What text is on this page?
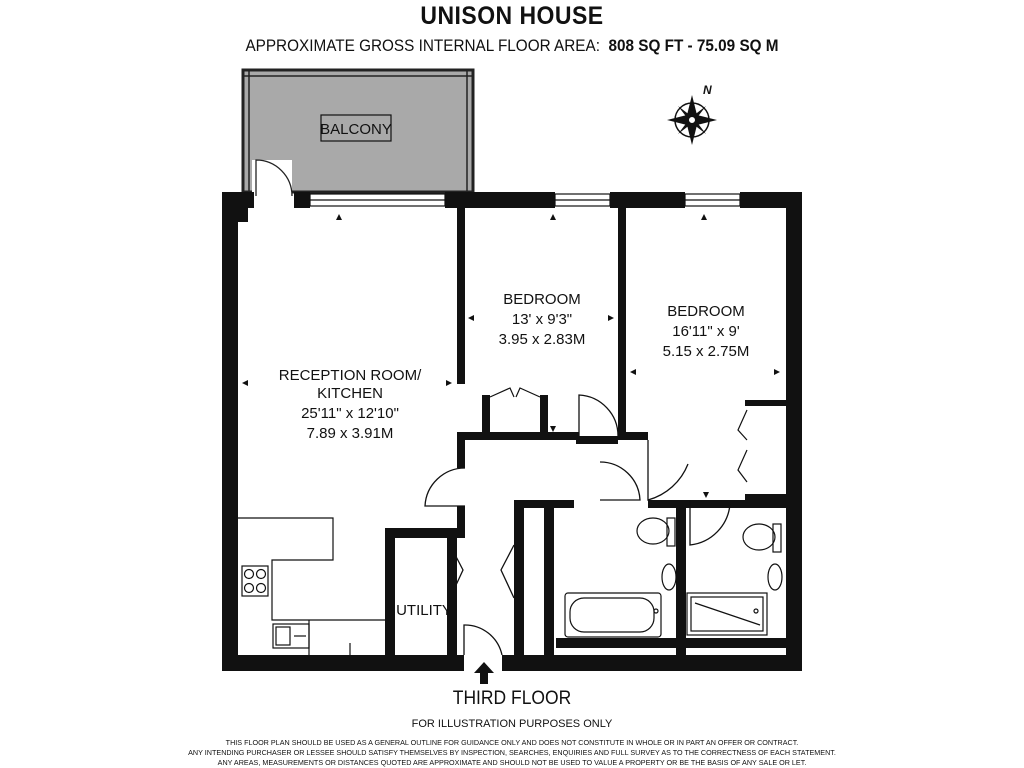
UNISON HOUSE
APPROXIMATE GROSS INTERNAL FLOOR AREA: 808 SQ FT - 75.09 SQ M
BALCONY
N
RECEPTION ROOM/
KITCHEN
25'11" x 12'10"
7.89 x 3.91M
BEDROOM
13' x 9'3"
3.95 x 2.83M
BEDROOM
16'11" x 9'
5.15 x 2.75M
UTILITY
THIRD FLOOR
FOR ILLUSTRATION PURPOSES ONLY
THIS FLOOR PLAN SHOULD BE USED AS A GENERAL OUTLINE FOR GUIDANCE ONLY AND DOES NOT CONSTITUTE IN WHOLE OR IN PART AN OFFER OR CONTRACT.
ANY INTENDING PURCHASER OR LESSEE SHOULD SATISFY THEMSELVES BY INSPECTION, SEARCHES, ENQUIRIES AND FULL SURVEY AS TO THE CORRECTNESS OF EACH STATEMENT.
ANY AREAS, MEASUREMENTS OR DISTANCES QUOTED ARE APPROXIMATE AND SHOULD NOT BE USED TO VALUE A PROPERTY OR BE THE BASIS OF ANY SALE OR LET.
